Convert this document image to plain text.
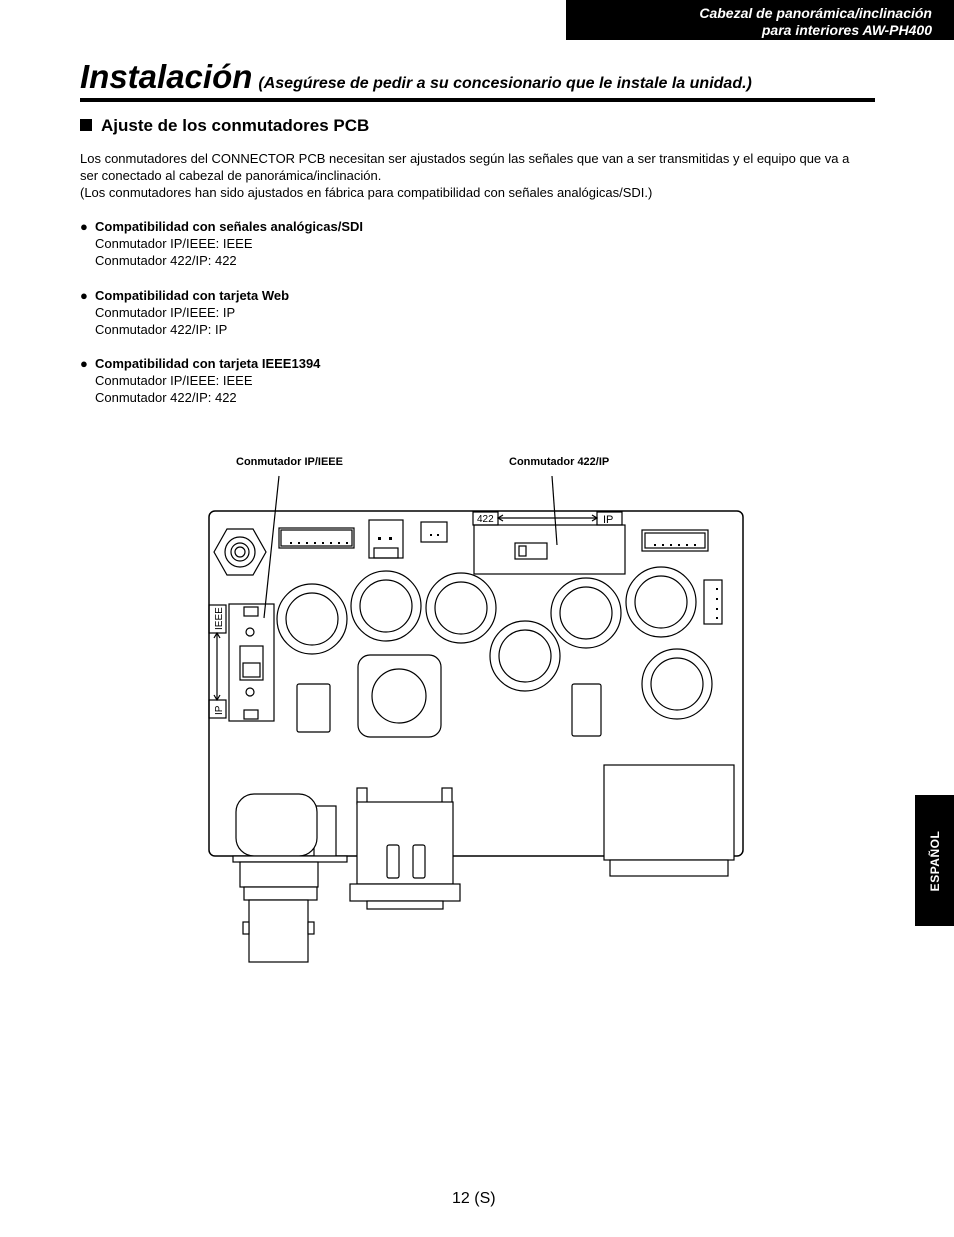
Cabezal de panorámica/inclinación
para interiores AW-PH400
Instalación (Asegúrese de pedir a su concesionario que le instale la unidad.)
Ajuste de los conmutadores PCB

Los conmutadores del CONNECTOR PCB necesitan ser ajustados según las señales que van a ser transmitidas y el equipo que va a ser conectado al cabezal de panorámica/inclinación.

(Los conmutadores han sido ajustados en fábrica para compatibilidad con señales analógicas/SDI.)

● Compatibilidad con señales analógicas/SDI
Conmutador IP/IEEE: IEEE
Conmutador 422/IP: 422
● Compatibilidad con tarjeta Web
Conmutador IP/IEEE: IP
Conmutador 422/IP: IP
● Compatibilidad con tarjeta IEEE1394
Conmutador IP/IEEE: IEEE
Conmutador 422/IP: 422
Conmutador IP/IEEE	Conmutador 422/IP
422	IP
IEEE
IP
ESPAÑOL
12 (S)
